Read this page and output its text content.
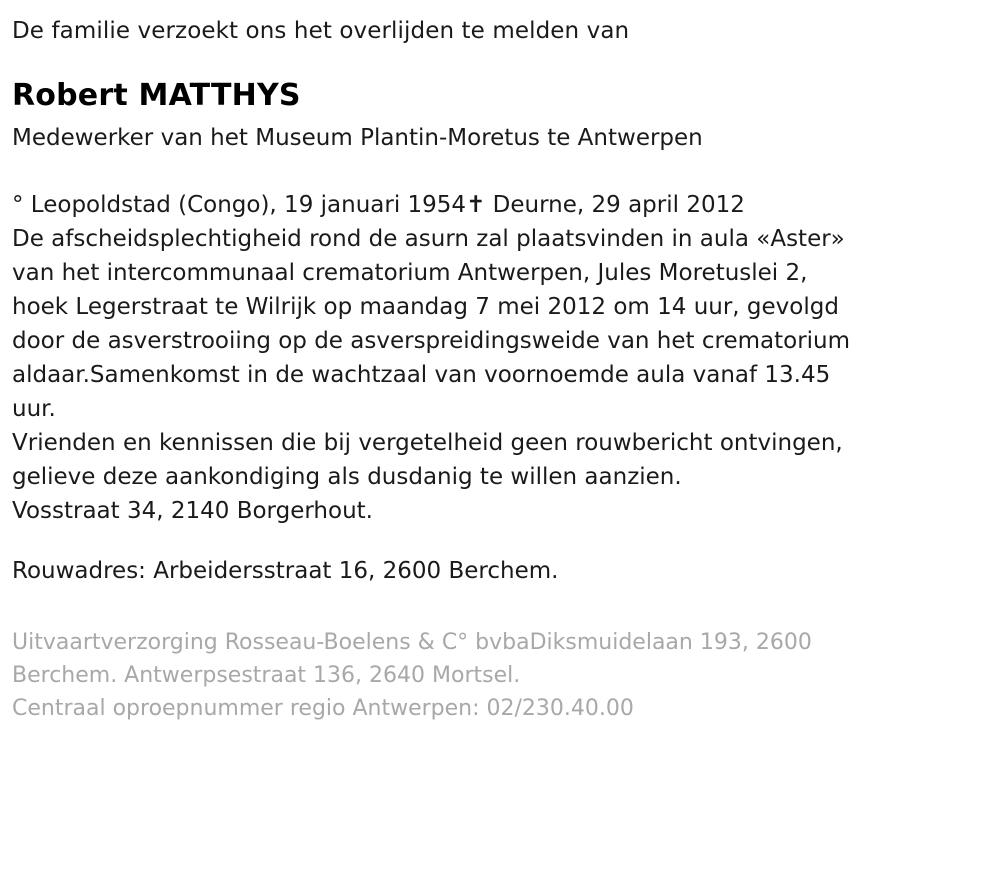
De familie verzoekt ons het overlijden te melden van

Robert MATTHYS

Medewerker van het Museum Plantin-Moretus te Antwerpen

° Leopoldstad (Congo), 19 januari 1954✝ Deurne, 29 april 2012

De afscheidsplechtigheid rond de asurn zal plaatsvinden in aula «Aster»

van het intercommunaal crematorium Antwerpen, Jules Moretuslei 2,

hoek Legerstraat te Wilrijk op maandag 7 mei 2012 om 14 uur, gevolgd

door de asverstrooiing op de asverspreidingsweide van het crematorium

aldaar.Samenkomst in de wachtzaal van voornoemde aula vanaf 13.45

uur.

Vrienden en kennissen die bij vergetelheid geen rouwbericht ontvingen,

gelieve deze aankondiging als dusdanig te willen aanzien.

Vosstraat 34, 2140 Borgerhout.

Rouwadres: Arbeidersstraat 16, 2600 Berchem.

Uitvaartverzorging Rosseau-Boelens & C° bvbaDiksmuidelaan 193, 2600

Berchem. Antwerpsestraat 136, 2640 Mortsel.

Centraal oproepnummer regio Antwerpen: 02/230.40.00
